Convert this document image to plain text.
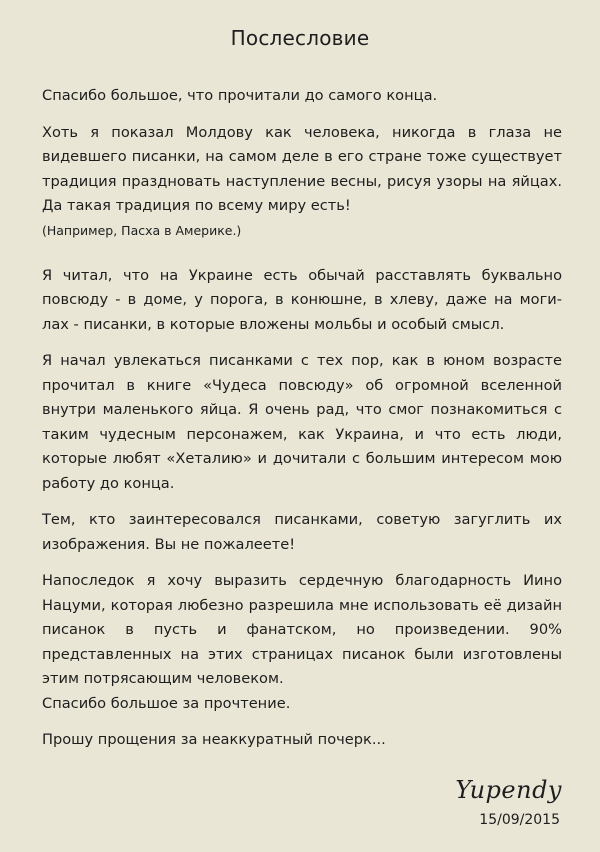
Послесловие

Спасибо большое, что прочитали до самого конца.

Хоть я показал Молдову как человека, никогда в глаза не видевшего писанки, на самом деле в его стране тоже существует традиция праздновать наступление весны, рисуя узоры на яйцах. Да такая традиция по всему миру есть!
(Например, Пасха в Америке.)

Я читал, что на Украине есть обычай расставлять буквально повсюду - в доме, у порога, в конюшне, в хлеву, даже на моги- лах - писанки, в которые вложены мольбы и особый смысл.

Я начал увлекаться писанками с тех пор, как в юном возрасте прочитал в книге «Чудеса повсюду» об огромной вселенной внутри маленького яйца. Я очень рад, что смог познакомиться с таким чудесным персонажем, как Украина, и что есть люди, которые любят «Хеталию» и дочитали с большим интересом мою работу до конца.

Тем, кто заинтересовался писанками, советую загуглить их изображения. Вы не пожалеете!

Напоследок я хочу выразить сердечную благодарность Иино Нацуми, которая любезно разрешила мне использовать её дизайн писанок в пусть и фанатском, но произведении. 90% представленных на этих страницах писанок были изготовлены этим потрясающим человеком.

Спасибо большое за прочтение.

Прошу прощения за неаккуратный почерк...

Yupendy
15/09/2015
